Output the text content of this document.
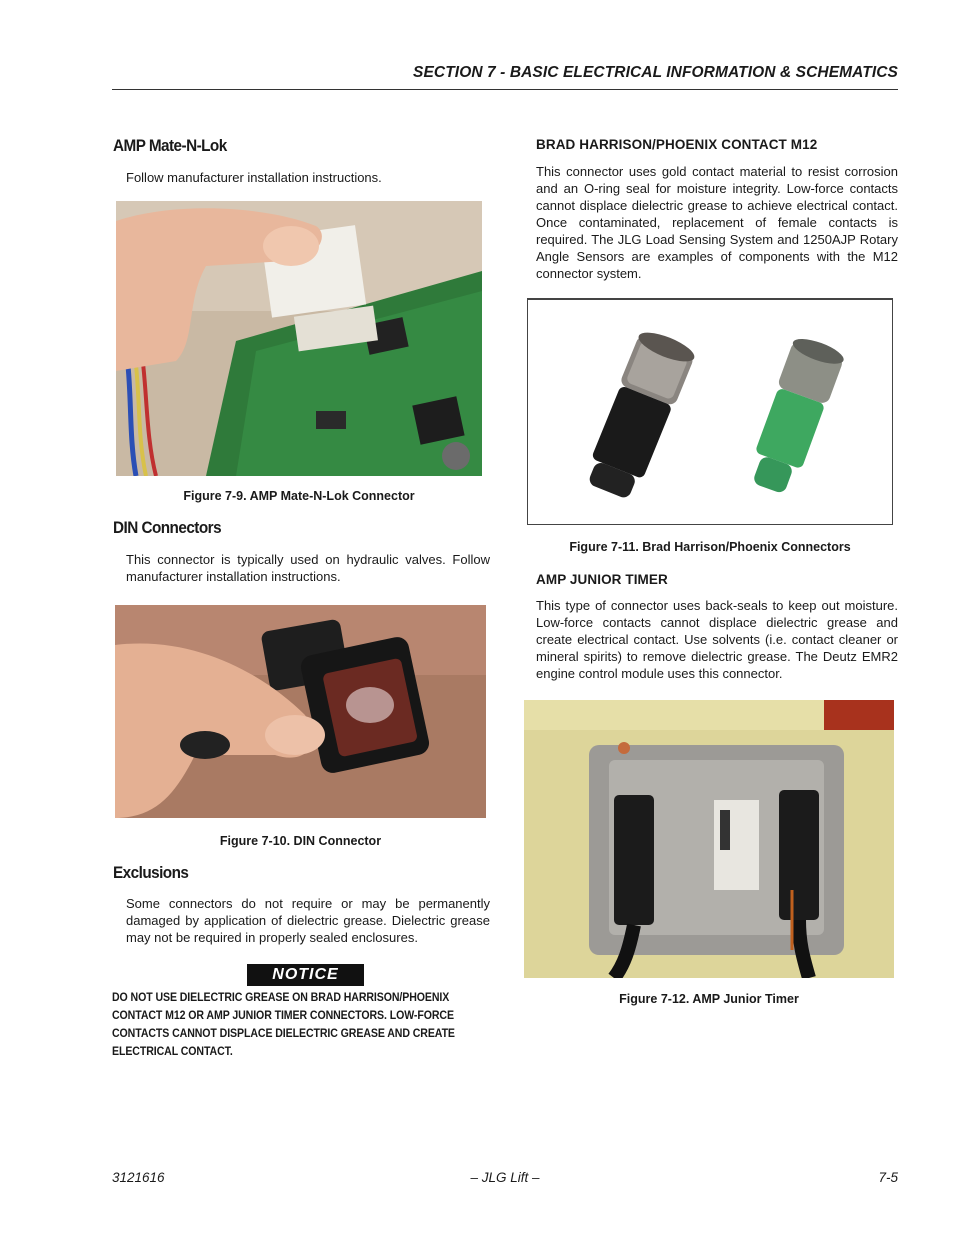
SECTION 7 - BASIC ELECTRICAL INFORMATION & SCHEMATICS
AMP Mate-N-Lok
Follow manufacturer installation instructions.
Figure 7-9. AMP Mate-N-Lok Connector
DIN Connectors
This connector is typically used on hydraulic valves. Follow manufacturer installation instructions.
Figure 7-10. DIN Connector
Exclusions
Some connectors do not require or may be permanently damaged by application of dielectric grease. Dielectric grease may not be required in properly sealed enclosures.
NOTICE
DO NOT USE DIELECTRIC GREASE ON BRAD HARRISON/PHOENIX CONTACT M12 OR AMP JUNIOR TIMER CONNECTORS. LOW-FORCE CONTACTS CANNOT DISPLACE DIELECTRIC GREASE AND CREATE ELECTRICAL CONTACT.
BRAD HARRISON/PHOENIX CONTACT M12
This connector uses gold contact material to resist corrosion and an O-ring seal for moisture integrity. Low-force contacts cannot displace dielectric grease to achieve electrical contact. Once contaminated, replacement of female contacts is required. The JLG Load Sensing System and 1250AJP Rotary Angle Sensors are examples of components with the M12 connector system.
Figure 7-11. Brad Harrison/Phoenix Connectors
AMP JUNIOR TIMER
This type of connector uses back-seals to keep out moisture. Low-force contacts cannot displace dielectric grease and create electrical contact. Use solvents (i.e. contact cleaner or mineral spirits) to remove dielectric grease. The Deutz EMR2 engine control module uses this connector.
Figure 7-12. AMP Junior Timer
3121616	– JLG Lift –	7-5
